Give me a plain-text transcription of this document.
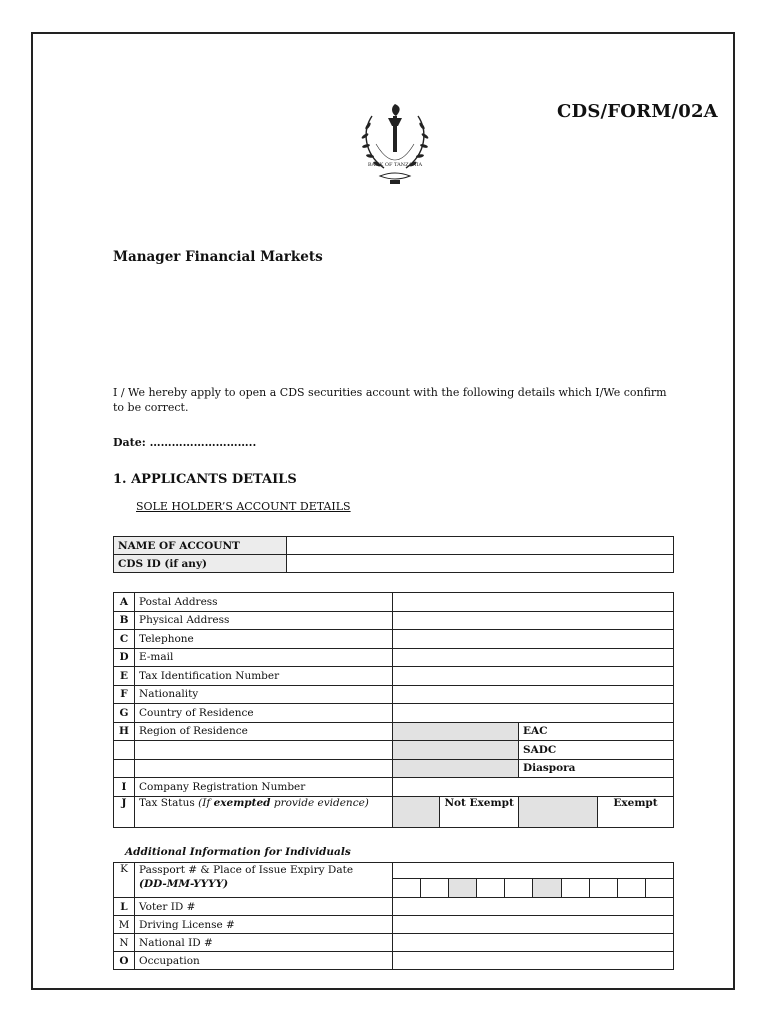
BANK OF TANZANIA
CDS/FORM/02A
Manager Financial Markets
I / We hereby apply to open a CDS securities account with the following details which I/We confirm to be correct.
Date: ………………………..
1. APPLICANTS DETAILS
SOLE HOLDER’S ACCOUNT DETAILS
NAME OF ACCOUNT	
CDS ID (if any)	
A	Postal Address				
B	Physical Address				
C	Telephone				
D	E-mail				
E	Tax Identification Number				
F	Nationality				
G	Country of Residence				
H	Region of Residence			EAC	
				SADC	
				Diaspora	
I	Company Registration Number				
J	Tax Status (If exempted provide evidence)		Not Exempt		Exempt
Additional Information for Individuals
K	Passport # & Place of Issue Expiry Date
(DD-MM-YYYY)	

L	Voter ID #	
M	Driving License #	
N	National ID #	
O	Occupation	
